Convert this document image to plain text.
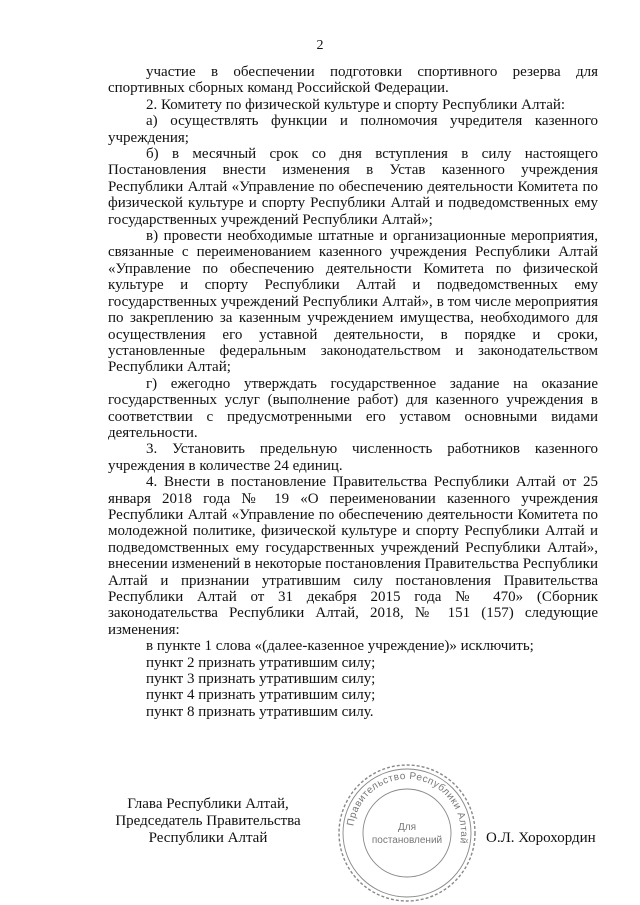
2

участие в обеспечении подготовки спортивного резерва для спортивных сборных команд Российской Федерации.

2. Комитету по физической культуре и спорту Республики Алтай:

а) осуществлять функции и полномочия учредителя казенного учреждения;

б) в месячный срок со дня вступления в силу настоящего Постановления внести изменения в Устав казенного учреждения Республики Алтай «Управление по обеспечению деятельности Комитета по физической культуре и спорту Республики Алтай и подведомственных ему государственных учреждений Республики Алтай»;

в) провести необходимые штатные и организационные мероприятия, связанные с переименованием казенного учреждения Республики Алтай «Управление по обеспечению деятельности Комитета по физической культуре и спорту Республики Алтай и подведомственных ему государственных учреждений Республики Алтай», в том числе мероприятия по закреплению за казенным учреждением имущества, необходимого для осуществления его уставной деятельности, в порядке и сроки, установленные федеральным законодательством и законодательством Республики Алтай;

г) ежегодно утверждать государственное задание на оказание государственных услуг (выполнение работ) для казенного учреждения в соответствии с предусмотренными его уставом основными видами деятельности.

3. Установить предельную численность работников казенного учреждения в количестве 24 единиц.

4. Внести в постановление Правительства Республики Алтай от 25 января 2018 года № 19 «О переименовании казенного учреждения Республики Алтай «Управление по обеспечению деятельности Комитета по молодежной политике, физической культуре и спорту Республики Алтай и подведомственных ему государственных учреждений Республики Алтай», внесении изменений в некоторые постановления Правительства Республики Алтай и признании утратившим силу постановления Правительства Республики Алтай от 31 декабря 2015 года № 470» (Сборник законодательства Республики Алтай, 2018, № 151 (157) следующие изменения:

в пункте 1 слова «(далее-казенное учреждение)» исключить;

пункт 2 признать утратившим силу;

пункт 3 признать утратившим силу;

пункт 4 признать утратившим силу;

пункт 8 признать утратившим силу.

Глава Республики Алтай,
Председатель Правительства
Республики Алтай
Правительство Республики Алтай
Для
постановлений	О.Л. Хорохордин
